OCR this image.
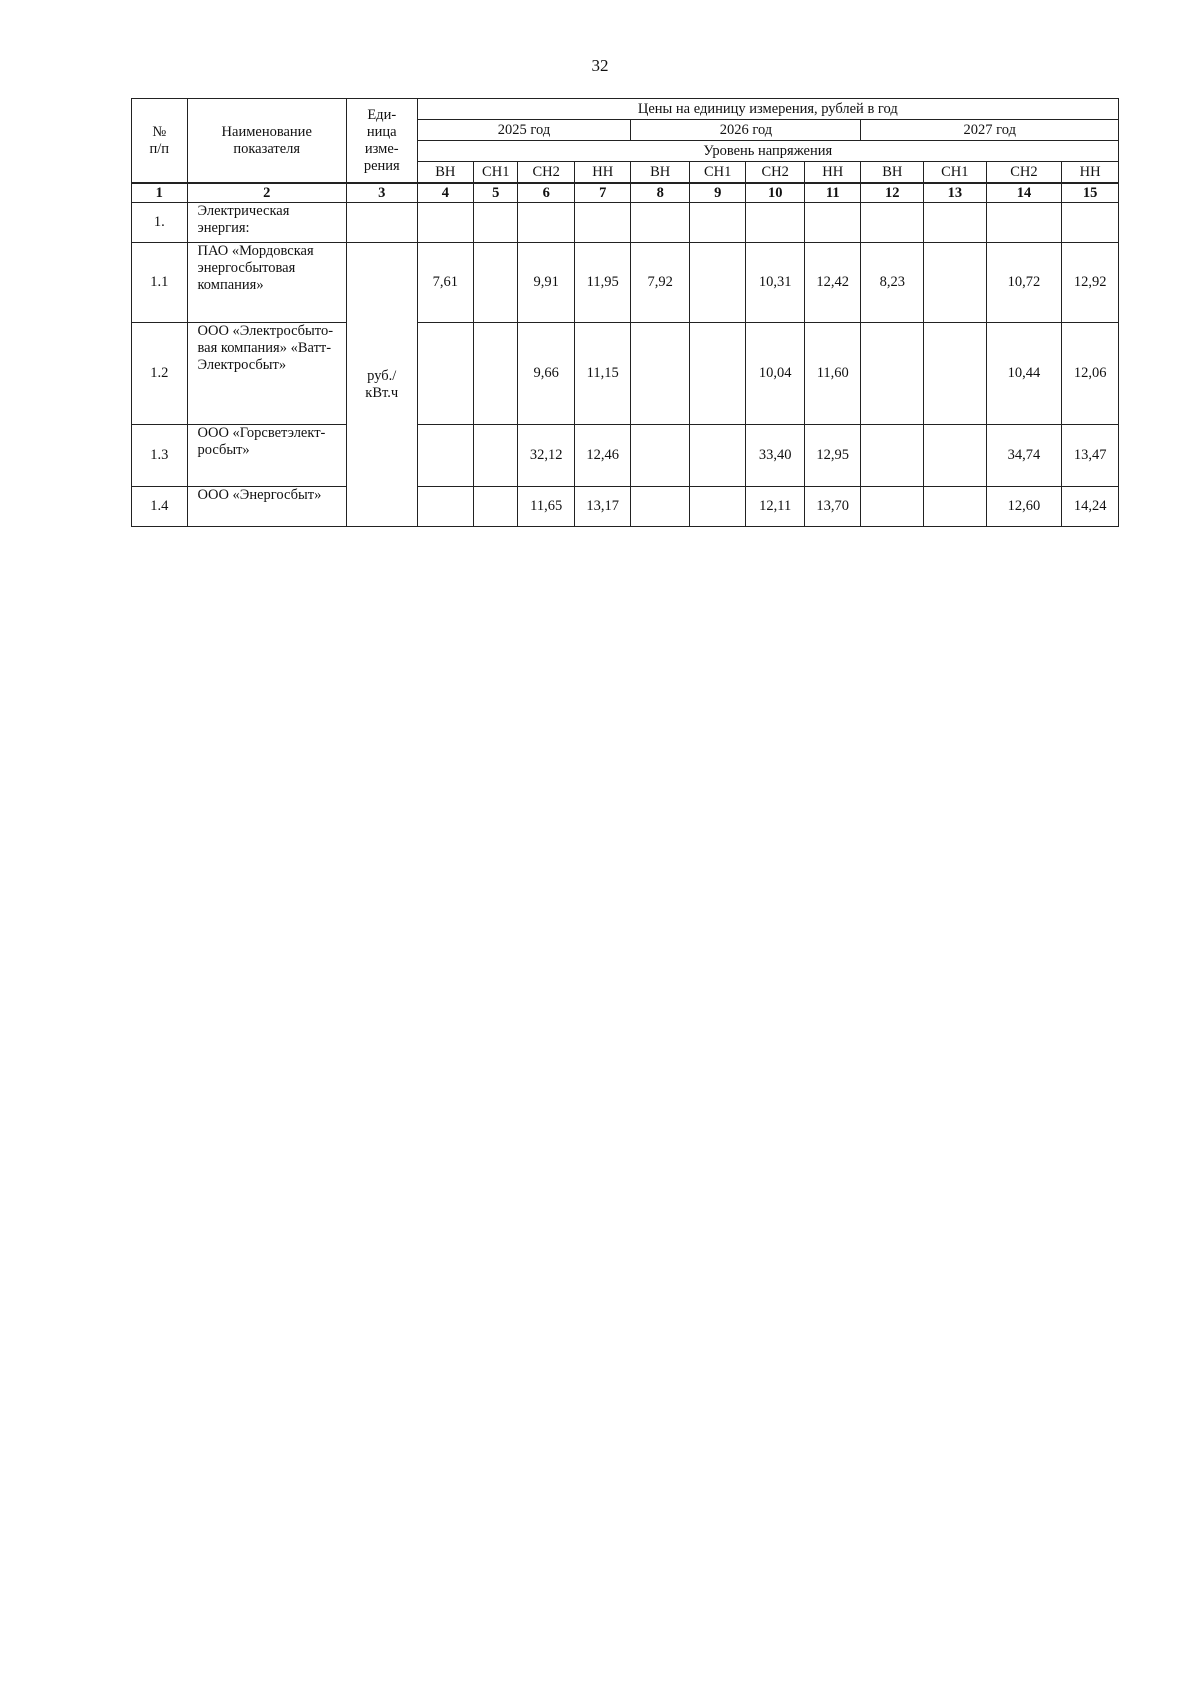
32
№ п/п	Наименование показателя	Еди-ница изме-рения	Цены на единицу измерения, рублей в год											
			2025 год				2026 год				2027 год			
			Уровень напряжения											
			ВН	СН1	СН2	НН	ВН	СН1	СН2	НН	ВН	СН1	СН2	НН
1	2	3	4	5	6	7	8	9	10	11	12	13	14	15
1.	Электрическая энергия:													
1.1	ПАО «Мордовская энергосбытовая компания»	руб./ кВт.ч	7,61		9,91	11,95	7,92		10,31	12,42	8,23		10,72	12,92
1.2	ООО «Электросбыто-вая компания» «Ватт-Электросбыт»				9,66	11,15			10,04	11,60			10,44	12,06
1.3	ООО «Горсветэлект-росбыт»				32,12	12,46			33,40	12,95			34,74	13,47
1.4	ООО «Энергосбыт»				11,65	13,17			12,11	13,70			12,60	14,24
